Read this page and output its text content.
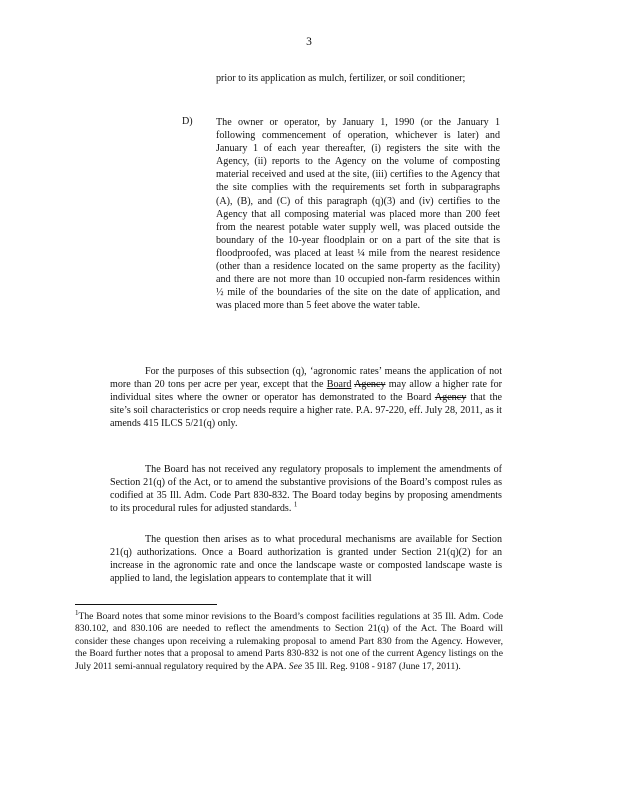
3

prior to its application as mulch, fertilizer, or soil conditioner;

D) The owner or operator, by January 1, 1990 (or the January 1 following commencement of operation, whichever is later) and January 1 of each year thereafter, (i) registers the site with the Agency, (ii) reports to the Agency on the volume of composting material received and used at the site, (iii) certifies to the Agency that the site complies with the requirements set forth in subparagraphs (A), (B), and (C) of this paragraph (q)(3) and (iv) certifies to the Agency that all composing material was placed more than 200 feet from the nearest potable water supply well, was placed outside the boundary of the 10-year floodplain or on a part of the site that is floodproofed, was placed at least ¼ mile from the nearest residence (other than a residence located on the same property as the facility) and there are not more than 10 occupied non-farm residences within ½ mile of the boundaries of the site on the date of application, and was placed more than 5 feet above the water table.

For the purposes of this subsection (q), ‘agronomic rates’ means the application of not more than 20 tons per acre per year, except that the Board Agency may allow a higher rate for individual sites where the owner or operator has demonstrated to the Board Agency that the site’s soil characteristics or crop needs require a higher rate. P.A. 97-220, eff. July 28, 2011, as it amends 415 ILCS 5/21(q) only.
The Board has not received any regulatory proposals to implement the amendments of Section 21(q) of the Act, or to amend the substantive provisions of the Board’s compost rules as codified at 35 Ill. Adm. Code Part 830-832. The Board today begins by proposing amendments to its procedural rules for adjusted standards. $^1$
The question then arises as to what procedural mechanisms are available for Section 21(q) authorizations. Once a Board authorization is granted under Section 21(q)(2) for an increase in the agronomic rate and once the landscape waste or composted landscape waste is applied to land, the legislation appears to contemplate that it will
$^1$The Board notes that some minor revisions to the Board’s compost facilities regulations at 35 Ill. Adm. Code 830.102, and 830.106 are needed to reflect the amendments to Section 21(q) of the Act. The Board will consider these changes upon receiving a rulemaking proposal to amend Part 830 from the Agency. However, the Board further notes that a proposal to amend Parts 830-832 is not one of the current Agency listings on the July 2011 semi-annual regulatory required by the APA. See 35 Ill. Reg. 9108 - 9187 (June 17, 2011).
